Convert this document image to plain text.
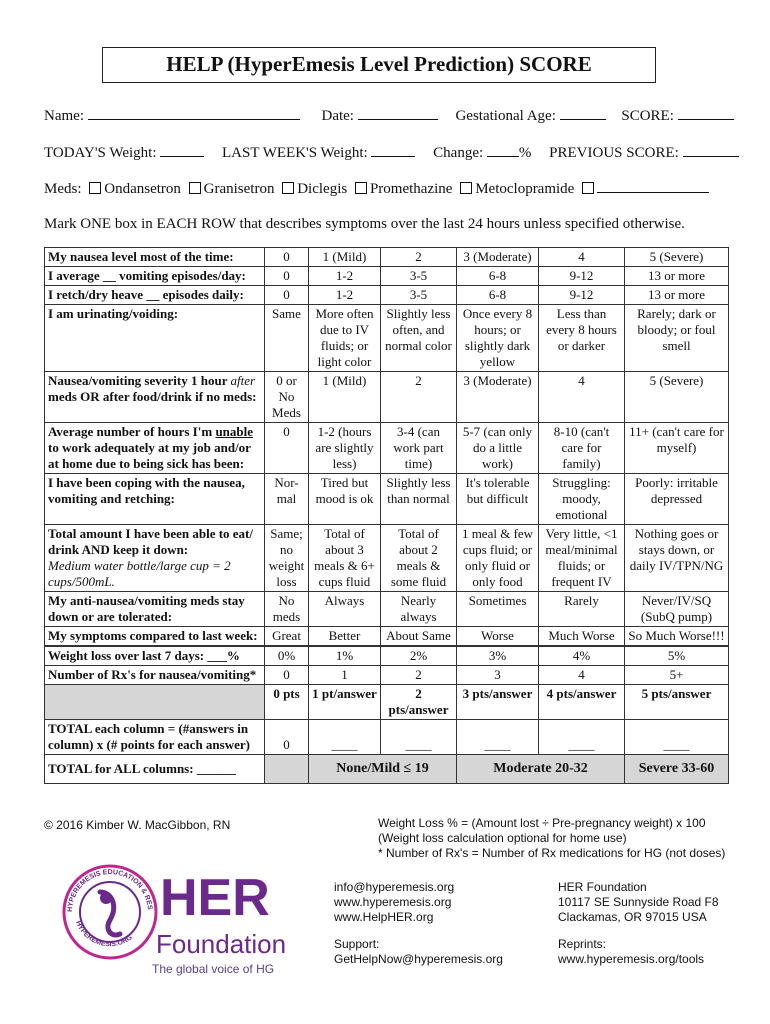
HELP (HyperEmesis Level Prediction) SCORE
Name:	Date:	Gestational Age:	SCORE:
TODAY'S Weight:	LAST WEEK'S Weight:	Change: % PREVIOUS SCORE:
Meds: Ondansetron Granisetron Diclegis Promethazine Metoclopramide
Mark ONE box in EACH ROW that describes symptoms over the last 24 hours unless specified otherwise.
My nausea level most of the time:	0	1 (Mild)	2	3 (Moderate)	4	5 (Severe)
I average __ vomiting episodes/day:	0	1-2	3-5	6-8	9-12	13 or more
I retch/dry heave __ episodes daily:	0	1-2	3-5	6-8	9-12	13 or more
I am urinating/voiding:	Same	More often due to IV fluids; or light color	Slightly less often, and normal color	Once every 8 hours; or slightly dark yellow	Less than every 8 hours or darker	Rarely; dark or bloody; or foul smell
Nausea/vomiting severity 1 hour after meds OR after food/drink if no meds:	0 or No Meds	1 (Mild)	2	3 (Moderate)	4	5 (Severe)
Average number of hours I'm unable to work adequately at my job and/or at home due to being sick has been:	0	1-2 (hours are slightly less)	3-4 (can work part time)	5-7 (can only do a little work)	8-10 (can't care for family)	11+ (can't care for myself)
I have been coping with the nausea, vomiting and retching:	Nor-mal	Tired but mood is ok	Slightly less than normal	It's tolerable but difficult	Struggling: moody, emotional	Poorly: irritable depressed
Total amount I have been able to eat/ drink AND keep it down:
Medium water bottle/large cup = 2 cups/500mL.	Same; no weight loss	Total of about 3 meals & 6+ cups fluid	Total of about 2 meals & some fluid	1 meal & few cups fluid; or only fluid or only food	Very little, <1 meal/minimal fluids; or frequent IV	Nothing goes or stays down, or daily IV/TPN/NG
My anti-nausea/vomiting meds stay down or are tolerated:	No meds	Always	Nearly always	Sometimes	Rarely	Never/IV/SQ (SubQ pump)
My symptoms compared to last week:	Great	Better	About Same	Worse	Much Worse	So Much Worse!!!
Weight loss over last 7 days: ___%	0%	1%	2%	3%	4%	5%
Number of Rx's for nausea/vomiting*	0	1	2	3	4	5+
	0 pts	1 pt/answer	2 pts/answer	3 pts/answer	4 pts/answer	5 pts/answer
TOTAL each column = (#answers in column) x (# points for each answer)	0	____	____	____	____	____
TOTAL for ALL columns: ______		None/Mild ≤ 19		Moderate 20-32		Severe 33-60
© 2016 Kimber W. MacGibbon, RN	Weight Loss % = (Amount lost ÷ Pre-pregnancy weight) x 100
(Weight loss calculation optional for home use)
* Number of Rx's = Number of Rx medications for HG (not doses)
info@hyperemesis.org
www.hyperemesis.org
www.HelpHER.org
Support:
GetHelpNow@hyperemesis.org
HER Foundation
10117 SE Sunnyside Road F8
Clackamas, OR 97015 USA
Reprints:
www.hyperemesis.org/tools
HYPEREMESIS EDUCATION & RES
HYPEREMESIS.ORG
HER
Foundation
The global voice of HG
